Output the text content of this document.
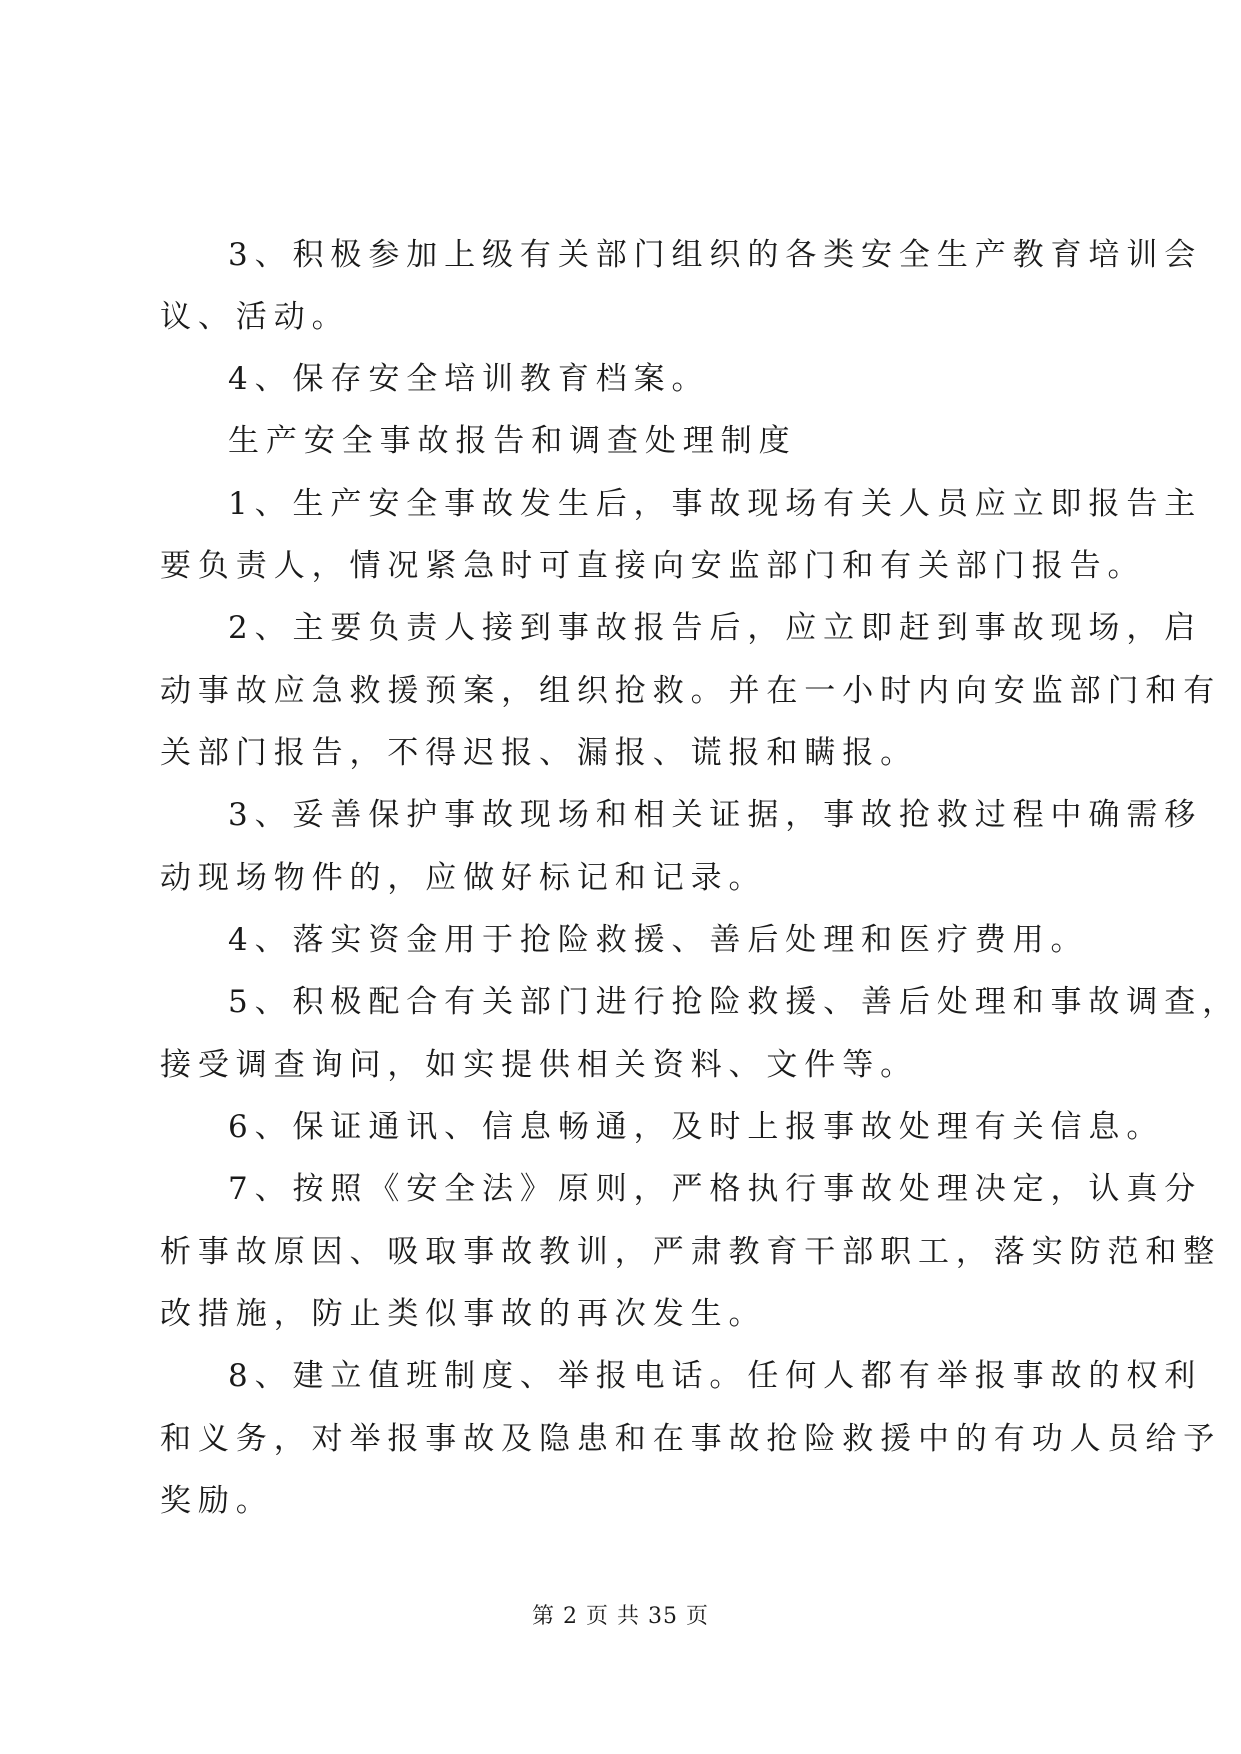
3、积极参加上级有关部门组织的各类安全生产教育培训会
议、活动。
4、保存安全培训教育档案。
生产安全事故报告和调查处理制度
1、生产安全事故发生后，事故现场有关人员应立即报告主
要负责人，情况紧急时可直接向安监部门和有关部门报告。
2、主要负责人接到事故报告后，应立即赶到事故现场，启
动事故应急救援预案，组织抢救。并在一小时内向安监部门和有
关部门报告，不得迟报、漏报、谎报和瞒报。
3、妥善保护事故现场和相关证据，事故抢救过程中确需移
动现场物件的，应做好标记和记录。
4、落实资金用于抢险救援、善后处理和医疗费用。
5、积极配合有关部门进行抢险救援、善后处理和事故调查，
接受调查询问，如实提供相关资料、文件等。
6、保证通讯、信息畅通，及时上报事故处理有关信息。
7、按照《安全法》原则，严格执行事故处理决定，认真分
析事故原因、吸取事故教训，严肃教育干部职工，落实防范和整
改措施，防止类似事故的再次发生。
8、建立值班制度、举报电话。任何人都有举报事故的权利
和义务，对举报事故及隐患和在事故抢险救援中的有功人员给予
奖励。
第 2 页 共 35 页
